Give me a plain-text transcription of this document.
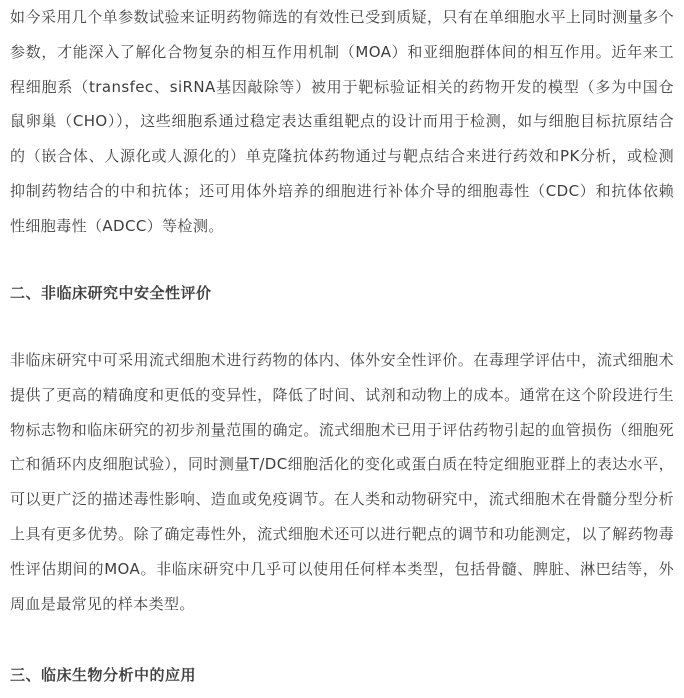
如今采用几个单参数试验来证明药物筛选的有效性已受到质疑，只有在单细胞水平上同时测量多个参数，才能深入了解化合物复杂的相互作用机制（MOA）和亚细胞群体间的相互作用。近年来工程细胞系（transfec、siRNA基因敲除等）被用于靶标验证相关的药物开发的模型（多为中国仓鼠卵巢（CHO）），这些细胞系通过稳定表达重组靶点的设计而用于检测，如与细胞目标抗原结合的（嵌合体、人源化或人源化的）单克隆抗体药物通过与靶点结合来进行药效和PK分析，或检测抑制药物结合的中和抗体；还可用体外培养的细胞进行补体介导的细胞毒性（CDC）和抗体依赖性细胞毒性（ADCC）等检测。

二、非临床研究中安全性评价

非临床研究中可采用流式细胞术进行药物的体内、体外安全性评价。在毒理学评估中，流式细胞术提供了更高的精确度和更低的变异性，降低了时间、试剂和动物上的成本。通常在这个阶段进行生物标志物和临床研究的初步剂量范围的确定。流式细胞术已用于评估药物引起的血管损伤（细胞死亡和循环内皮细胞试验），同时测量T/DC细胞活化的变化或蛋白质在特定细胞亚群上的表达水平，可以更广泛的描述毒性影响、造血或免疫调节。在人类和动物研究中，流式细胞术在骨髓分型分析上具有更多优势。除了确定毒性外，流式细胞术还可以进行靶点的调节和功能测定，以了解药物毒性评估期间的MOA。非临床研究中几乎可以使用任何样本类型，包括骨髓、脾脏、淋巴结等，外周血是最常见的样本类型。

三、临床生物分析中的应用
